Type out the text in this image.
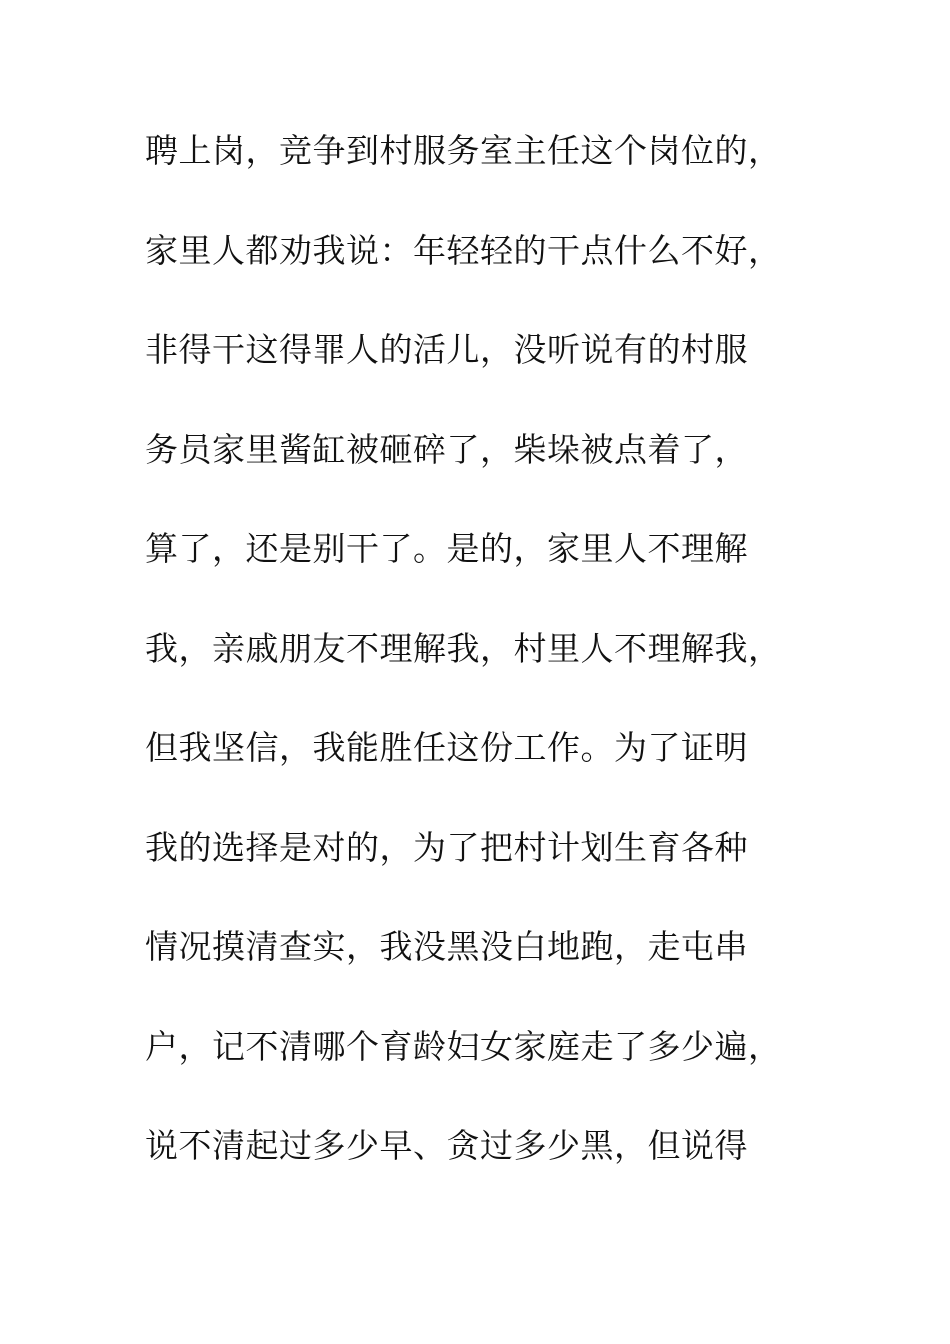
聘上岗，竞争到村服务室主任这个岗位的，
家里人都劝我说：年轻轻的干点什么不好，
非得干这得罪人的活儿，没听说有的村服
务员家里酱缸被砸碎了，柴垛被点着了，
算了，还是别干了。是的，家里人不理解
我，亲戚朋友不理解我，村里人不理解我，
但我坚信，我能胜任这份工作。为了证明
我的选择是对的，为了把村计划生育各种
情况摸清查实，我没黑没白地跑，走屯串
户，记不清哪个育龄妇女家庭走了多少遍，
说不清起过多少早、贪过多少黑，但说得
